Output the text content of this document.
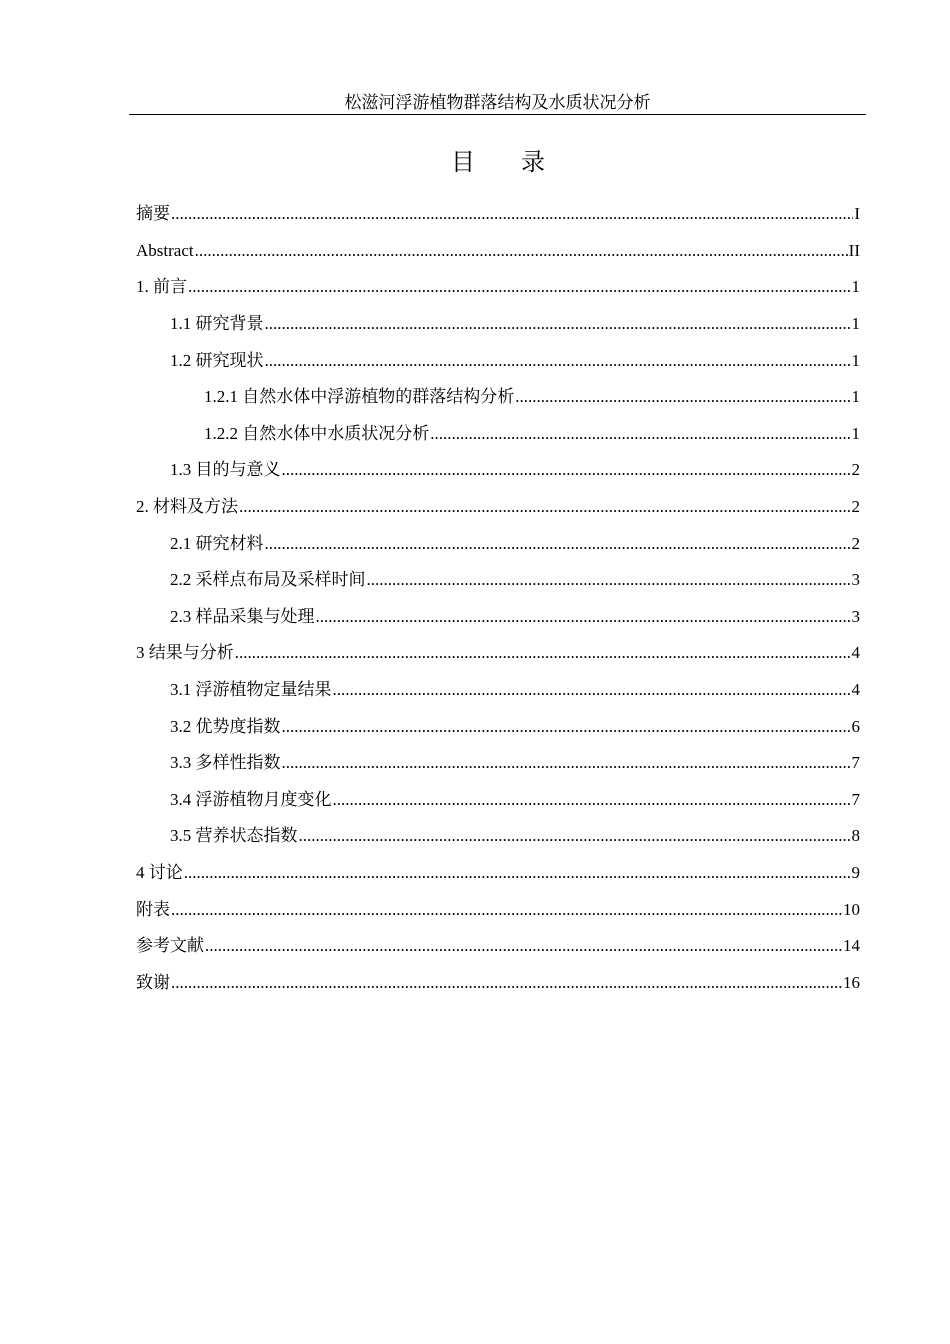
松滋河浮游植物群落结构及水质状况分析
目 录
摘要 .....	I
Abstract .....	II
1. 前言 .....	1
1.1 研究背景 .....	1
1.2 研究现状 .....	1
1.2.1 自然水体中浮游植物的群落结构分析 .....	1
1.2.2 自然水体中水质状况分析 .....	1
1.3 目的与意义 .....	2
2. 材料及方法 .....	2
2.1 研究材料 .....	2
2.2 采样点布局及采样时间 .....	3
2.3 样品采集与处理 .....	3
3 结果与分析 .....	4
3.1 浮游植物定量结果 .....	4
3.2 优势度指数 .....	6
3.3 多样性指数 .....	7
3.4 浮游植物月度变化 .....	7
3.5 营养状态指数 .....	8
4 讨论 .....	9
附表 .....	10
参考文献 .....	14
致谢 .....	16
